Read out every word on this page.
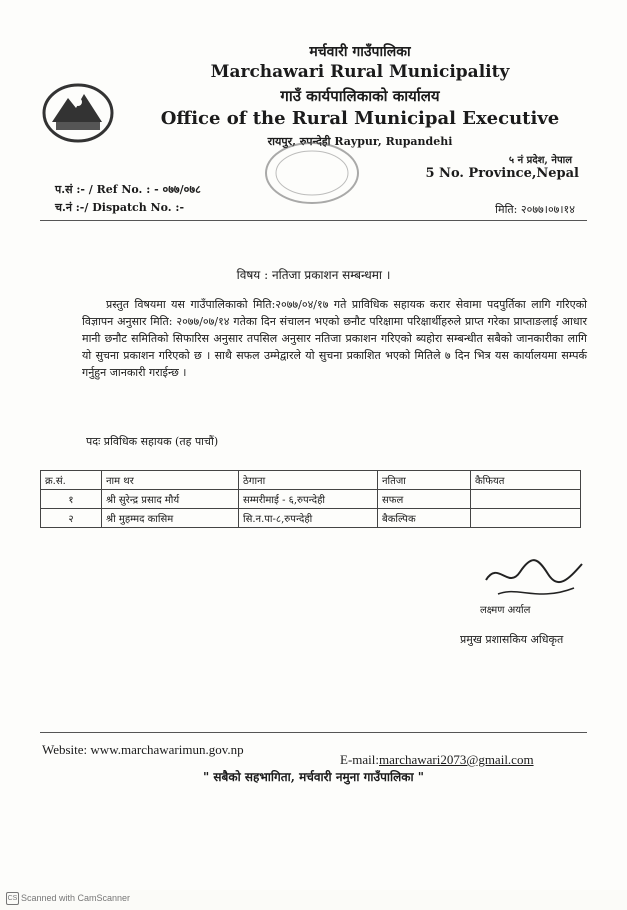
मर्चवारी गाउँपालिका
Marchawari Rural Municipality
गाउँ कार्यपालिकाको कार्यालय
Office of the Rural Municipal Executive
रायपुर, रुपन्देही Raypur, Rupandehi
५ नं प्रदेश, नेपाल
5 No. Province,Nepal
प.सं :- / Ref No. : - ०७७/०७८
च.नं :-/ Dispatch No. :-	मिति: २०७७।०७।१४
विषय : नतिजा प्रकाशन सम्बन्धमा ।
प्रस्तुत विषयमा यस गाउँपालिकाको मिति:२०७७/०४/१७ गते प्राविधिक सहायक करार सेवामा पदपुर्तिका लागि गरिएको विज्ञापन अनुसार मिति: २०७७/०७/१४ गतेका दिन संचालन भएको छनौट परिक्षामा परिक्षार्थीहरुले प्राप्त गरेका प्राप्ताङलाई आधार मानी छनौट समितिको सिफारिस अनुसार तपसिल अनुसार नतिजा प्रकाशन गरिएको ब्यहोरा सम्बन्धीत सबैको जानकारीका लागि यो सुचना प्रकाशन गरिएको छ । साथै सफल उम्मेद्वारले यो सुचना प्रकाशित भएको मितिले ७ दिन भित्र यस कार्यालयमा सम्पर्क गर्नुहुन जानकारी गराईन्छ ।
पदः प्रविधिक सहायक (तह पाचौं)
क्र.सं.	नाम थर	ठेगाना	नतिजा	कैफियत
१	श्री सुरेन्द्र प्रसाद मौर्य	सम्मरीमाई - ६,रुपन्देही	सफल	
२	श्री मुहम्मद कासिम	सि.न.पा-८,रुपन्देही	बैकल्पिक	
लक्ष्मण अर्याल
प्रमुख प्रशासकिय अधिकृत
Website: www.marchawarimun.gov.np
E-mail:marchawari2073@gmail.com
" सबैको सहभागिता, मर्चवारी नमुना गाउँपालिका "
CS Scanned with CamScanner
